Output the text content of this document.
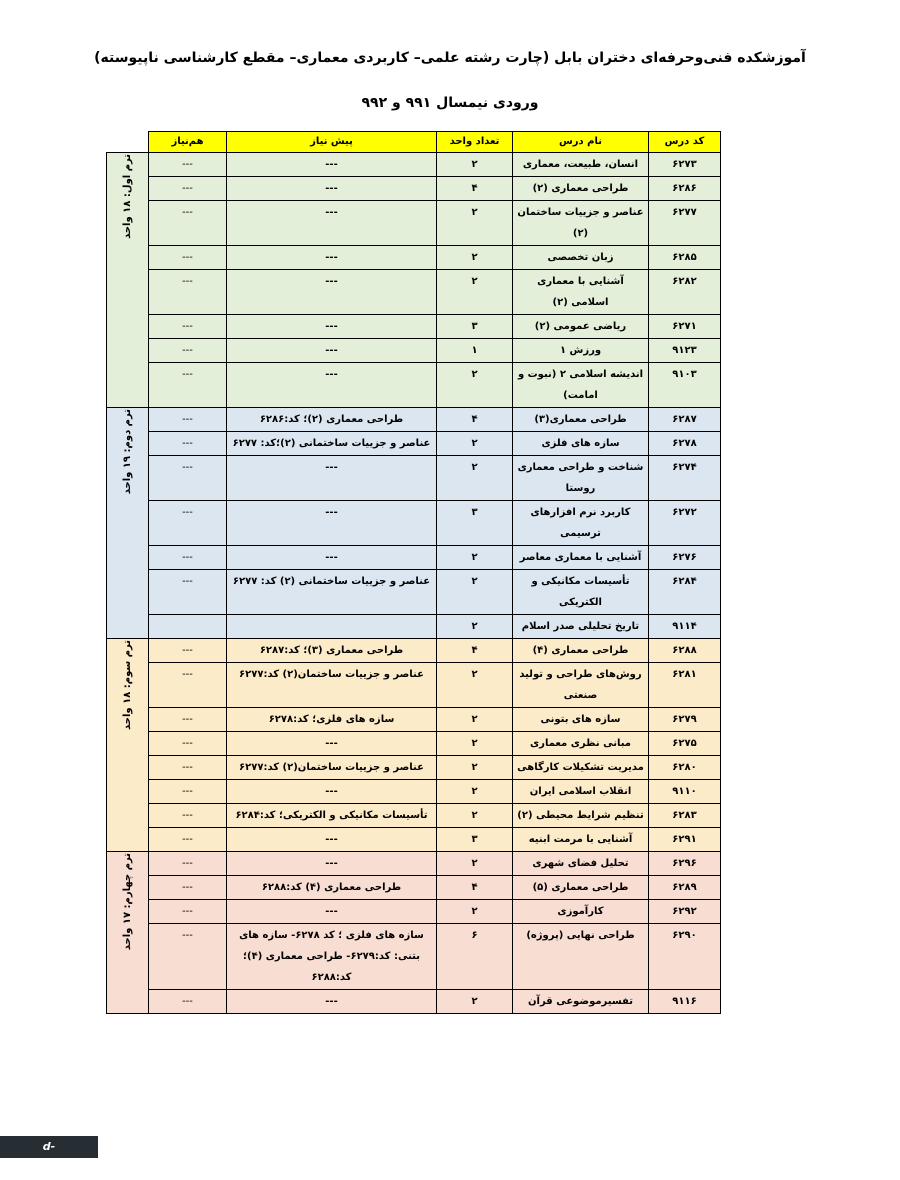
آموزشکده فنی‌وحرفه‌ای دختران بابل (چارت رشته علمی– کاربردی معماری– مقطع کارشناسی ناپیوسته)
ورودی نیمسال ۹۹۱ و ۹۹۲
کد درس	نام درس	تعداد واحد	پیش نیاز	هم‌نیاز	
۶۲۷۳	انسان، طبیعت، معماری	۲	---	---	ترم اول: ۱۸ واحد

۶۲۸۶	طراحی معماری (۲)	۴	---	---	
۶۲۷۷	عناصر و جزییات ساختمان (۲)	۲	---	---	
۶۲۸۵	زبان تخصصی	۲	---	---	
۶۲۸۲	آشنایی با معماری اسلامی (۲)	۲	---	---	
۶۲۷۱	ریاضی عمومی (۲)	۳	---	---	
۹۱۲۳	ورزش ۱	۱	---	---	
۹۱۰۳	اندیشه اسلامی ۲ (نبوت و امامت)	۲	---	---	
۶۲۸۷	طراحی معماری(۳)	۴	طراحی معماری (۲)؛ کد:۶۲۸۶	---	ترم دوم: ۱۹ واحد

۶۲۷۸	سازه های فلزی	۲	عناصر و جزییات ساختمانی (۲)؛کد: ۶۲۷۷	---	
۶۲۷۴	شناخت و طراحی معماری روستا	۲	---	---	
۶۲۷۲	کاربرد نرم افزارهای ترسیمی	۳	---	---	
۶۲۷۶	آشنایی با معماری معاصر	۲	---	---	
۶۲۸۴	تأسیسات مکانیکی و الکتریکی	۲	عناصر و جزییات ساختمانی (۲) کد: ۶۲۷۷	---	
۹۱۱۴	تاریخ تحلیلی صدر اسلام	۲			
۶۲۸۸	طراحی معماری (۴)	۴	طراحی معماری (۳)؛ کد:۶۲۸۷	---	ترم سوم: ۱۸ واحد

۶۲۸۱	روش‌های طراحی و تولید صنعتی	۲	عناصر و جزییات ساختمان(۲) کد:۶۲۷۷	---	
۶۲۷۹	سازه های بتونی	۲	سازه های فلزی؛ کد:۶۲۷۸	---	
۶۲۷۵	مبانی نظری معماری	۲	---	---	
۶۲۸۰	مدیریت تشکیلات کارگاهی	۲	عناصر و جزییات ساختمان(۲) کد:۶۲۷۷	---	
۹۱۱۰	انقلاب اسلامی ایران	۲	---	---	
۶۲۸۳	تنظیم شرایط محیطی (۲)	۲	تأسیسات مکانیکی و الکتریکی؛ کد:۶۲۸۴	---	
۶۲۹۱	آشنایی با مرمت ابنیه	۳	---	---	
۶۲۹۶	تحلیل فضای شهری	۲	---	---	ترم چهارم: ۱۷ واحد

۶۲۸۹	طراحی معماری (۵)	۴	طراحی معماری (۴) کد:۶۲۸۸	---	
۶۲۹۲	کارآموزی	۲	---	---	
۶۲۹۰	طراحی نهایی (پروژه)	۶	سازه های فلزی ؛ کد ۶۲۷۸- سازه های بتنی: کد:۶۲۷۹- طراحی معماری (۴)؛ کد:۶۲۸۸	---	
۹۱۱۶	تفسیرموضوعی قرآن	۲	---	---	
d-babol.nus.ac.ir
